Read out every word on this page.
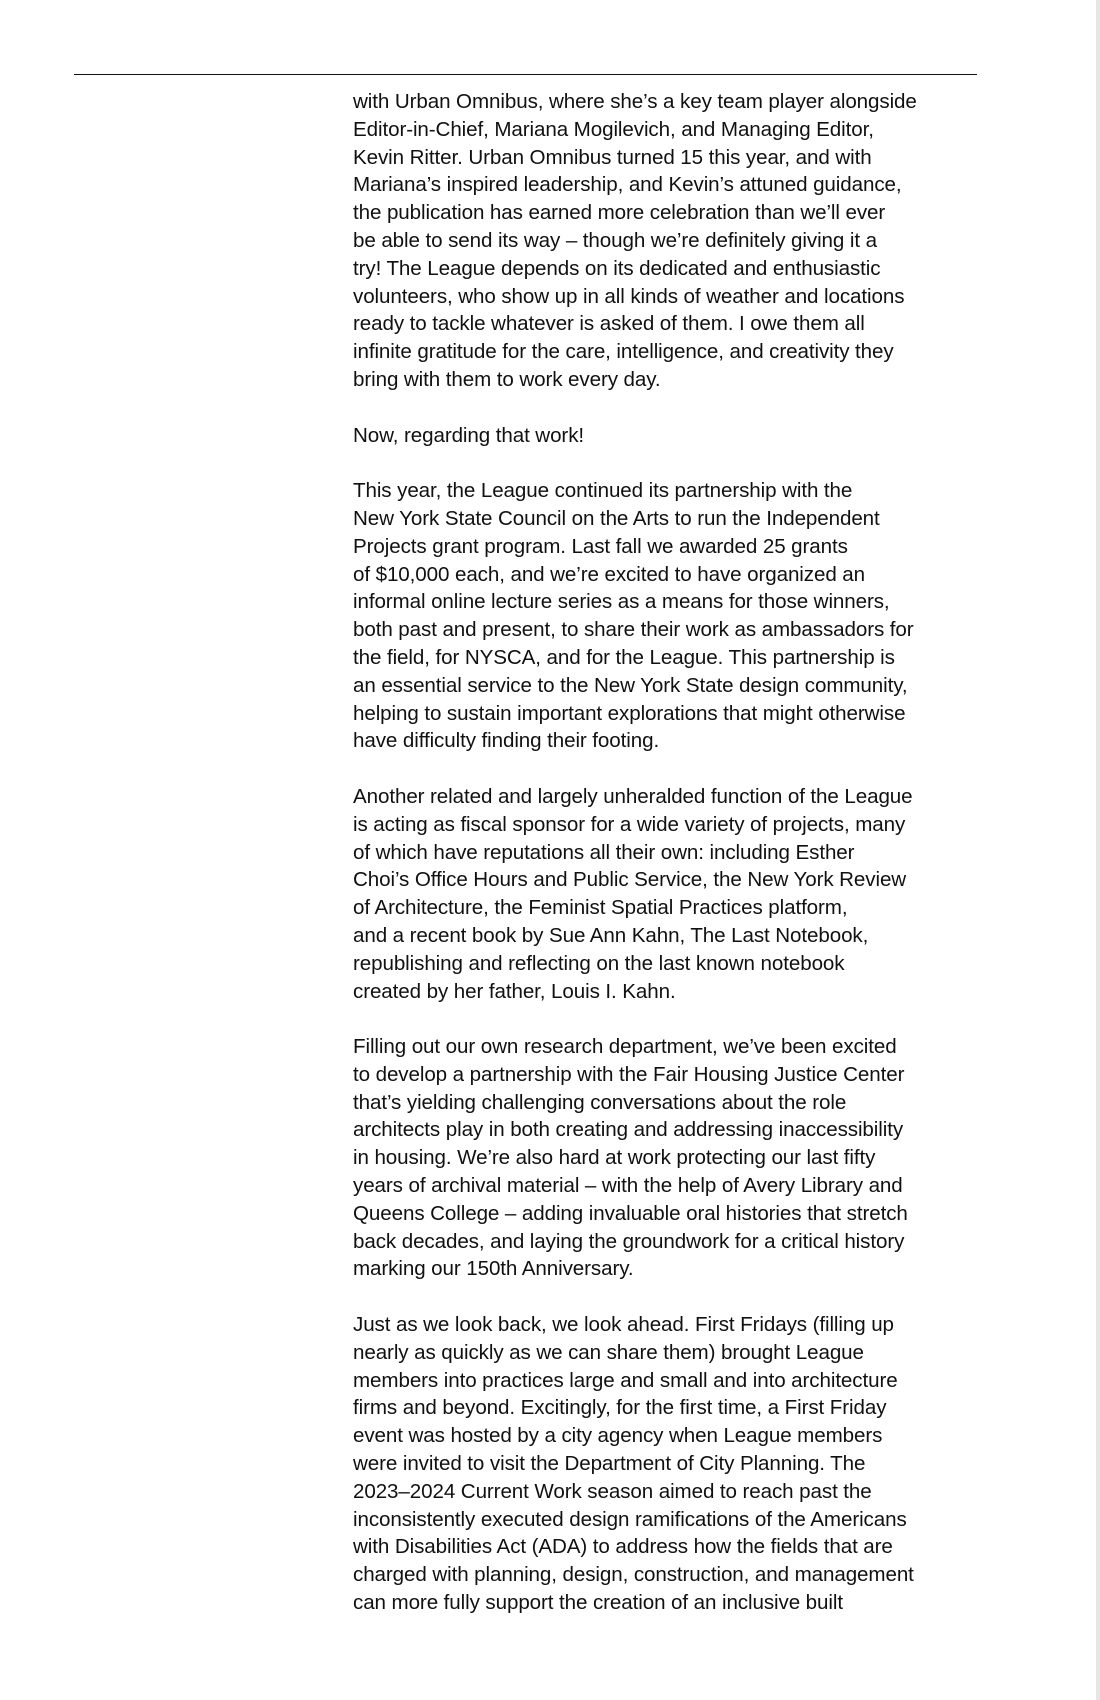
with Urban Omnibus, where she’s a key team player alongside
Editor-in-Chief, Mariana Mogilevich, and Managing Editor,
Kevin Ritter. Urban Omnibus turned 15 this year, and with
Mariana’s inspired leadership, and Kevin’s attuned guidance,
the publication has earned more celebration than we’ll ever
be able to send its way – though we’re definitely giving it a
try! The League depends on its dedicated and enthusiastic
volunteers, who show up in all kinds of weather and locations
ready to tackle whatever is asked of them. I owe them all
infinite gratitude for the care, intelligence, and creativity they
bring with them to work every day.

Now, regarding that work!

This year, the League continued its partnership with the
New York State Council on the Arts to run the Independent
Projects grant program. Last fall we awarded 25 grants
of $10,000 each, and we’re excited to have organized an
informal online lecture series as a means for those winners,
both past and present, to share their work as ambassadors for
the field, for NYSCA, and for the League. This partnership is
an essential service to the New York State design community,
helping to sustain important explorations that might otherwise
have difficulty finding their footing.

Another related and largely unheralded function of the League
is acting as fiscal sponsor for a wide variety of projects, many
of which have reputations all their own: including Esther
Choi’s Office Hours and Public Service, the New York Review
of Architecture, the Feminist Spatial Practices platform,
and a recent book by Sue Ann Kahn, The Last Notebook,
republishing and reflecting on the last known notebook
created by her father, Louis I. Kahn.

Filling out our own research department, we’ve been excited
to develop a partnership with the Fair Housing Justice Center
that’s yielding challenging conversations about the role
architects play in both creating and addressing inaccessibility
in housing. We’re also hard at work protecting our last fifty
years of archival material – with the help of Avery Library and
Queens College – adding invaluable oral histories that stretch
back decades, and laying the groundwork for a critical history
marking our 150th Anniversary.

Just as we look back, we look ahead. First Fridays (filling up
nearly as quickly as we can share them) brought League
members into practices large and small and into architecture
firms and beyond. Excitingly, for the first time, a First Friday
event was hosted by a city agency when League members
were invited to visit the Department of City Planning. The
2023–2024 Current Work season aimed to reach past the
inconsistently executed design ramifications of the Americans
with Disabilities Act (ADA) to address how the fields that are
charged with planning, design, construction, and management
can more fully support the creation of an inclusive built
